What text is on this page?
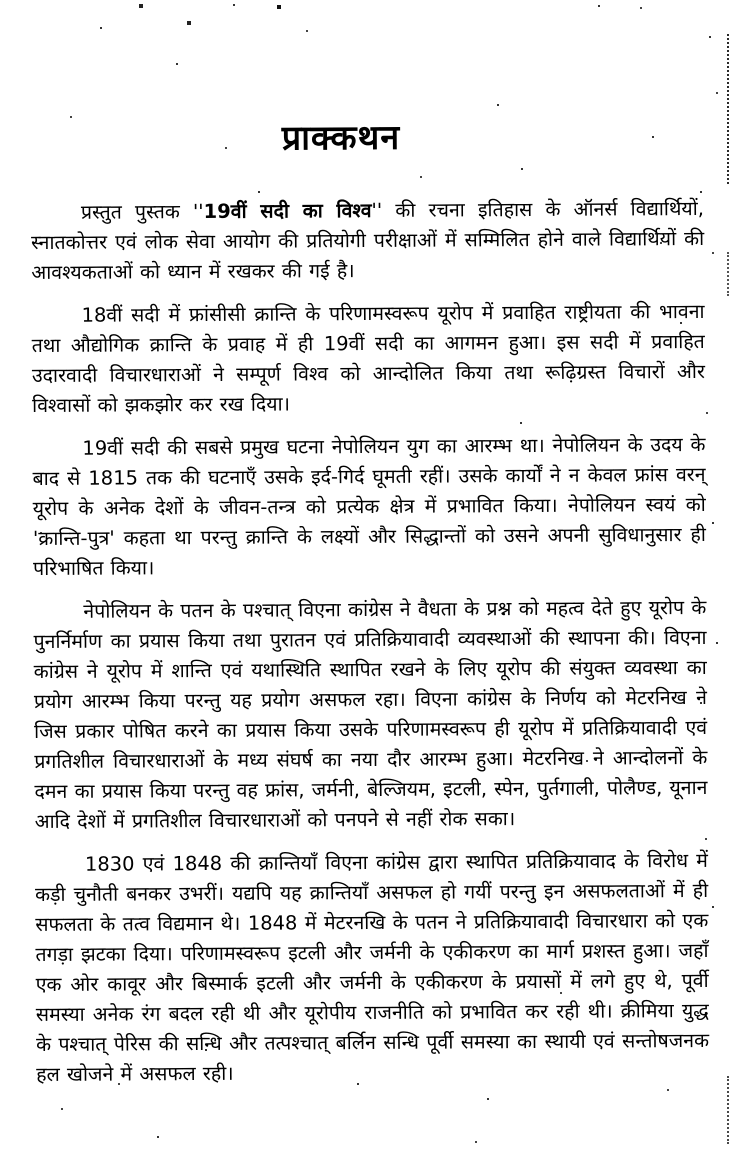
प्राक्कथन

प्रस्तुत पुस्तक ''19वीं सदी का विश्व'' की रचना इतिहास के ऑनर्स विद्यार्थियों, स्नातकोत्तर एवं लोक सेवा आयोग की प्रतियोगी परीक्षाओं में सम्मिलित होने वाले विद्यार्थियों की आवश्यकताओं को ध्यान में रखकर की गई है।

18वीं सदी में फ्रांसीसी क्रान्ति के परिणामस्वरूप यूरोप में प्रवाहित राष्ट्रीयता की भावना तथा औद्योगिक क्रान्ति के प्रवाह में ही 19वीं सदी का आगमन हुआ। इस सदी में प्रवाहित उदारवादी विचारधाराओं ने सम्पूर्ण विश्व को आन्दोलित किया तथा रूढ़िग्रस्त विचारों और विश्वासों को झकझोर कर रख दिया।

19वीं सदी की सबसे प्रमुख घटना नेपोलियन युग का आरम्भ था। नेपोलियन के उदय के बाद से 1815 तक की घटनाएँ उसके इर्द-गिर्द घूमती रहीं। उसके कार्यों ने न केवल फ्रांस वरन् यूरोप के अनेक देशों के जीवन-तन्त्र को प्रत्येक क्षेत्र में प्रभावित किया। नेपोलियन स्वयं को 'क्रान्ति-पुत्र' कहता था परन्तु क्रान्ति के लक्ष्यों और सिद्धान्तों को उसने अपनी सुविधानुसार ही परिभाषित किया।

नेपोलियन के पतन के पश्चात् विएना कांग्रेस ने वैधता के प्रश्न को महत्व देते हुए यूरोप के पुनर्निर्माण का प्रयास किया तथा पुरातन एवं प्रतिक्रियावादी व्यवस्थाओं की स्थापना की। विएना कांग्रेस ने यूरोप में शान्ति एवं यथास्थिति स्थापित रखने के लिए यूरोप की संयुक्त व्यवस्था का प्रयोग आरम्भ किया परन्तु यह प्रयोग असफल रहा। विएना कांग्रेस के निर्णय को मेटरनिख ने जिस प्रकार पोषित करने का प्रयास किया उसके परिणामस्वरूप ही यूरोप में प्रतिक्रियावादी एवं प्रगतिशील विचारधाराओं के मध्य संघर्ष का नया दौर आरम्भ हुआ। मेटरनिख ने आन्दोलनों के दमन का प्रयास किया परन्तु वह फ्रांस, जर्मनी, बेल्जियम, इटली, स्पेन, पुर्तगाली, पोलैण्ड, यूनान आदि देशों में प्रगतिशील विचारधाराओं को पनपने से नहीं रोक सका।

1830 एवं 1848 की क्रान्तियाँ विएना कांग्रेस द्वारा स्थापित प्रतिक्रियावाद के विरोध में कड़ी चुनौती बनकर उभरीं। यद्यपि यह क्रान्तियाँ असफल हो गयीं परन्तु इन असफलताओं में ही सफलता के तत्व विद्यमान थे। 1848 में मेटरनखि के पतन ने प्रतिक्रियावादी विचारधारा को एक तगड़ा झटका दिया। परिणामस्वरूप इटली और जर्मनी के एकीकरण का मार्ग प्रशस्त हुआ। जहाँ एक ओर कावूर और बिस्मार्क इटली और जर्मनी के एकीकरण के प्रयासों में लगे हुए थे, पूर्वी समस्या अनेक रंग बदल रही थी और यूरोपीय राजनीति को प्रभावित कर रही थी। क्रीमिया युद्ध के पश्चात् पेरिस की सन्धि और तत्पश्चात् बर्लिन सन्धि पूर्वी समस्या का स्थायी एवं सन्तोषजनक हल खोजने में असफल रही।
